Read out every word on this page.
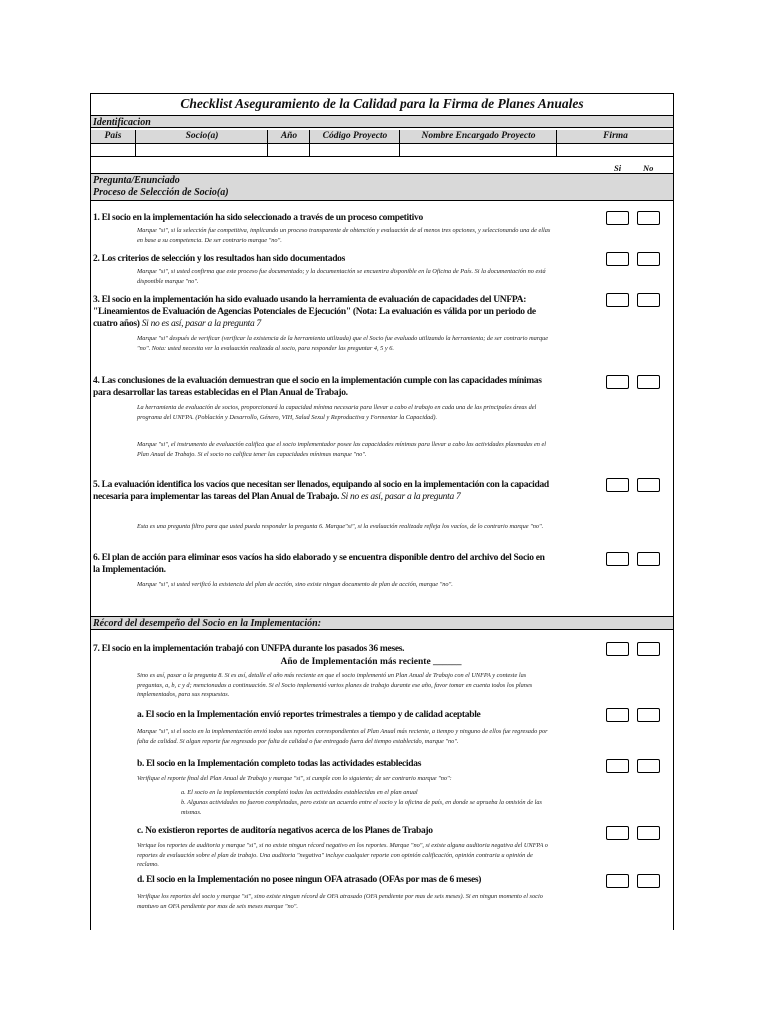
Checklist Aseguramiento de la Calidad para la Firma de Planes Anuales
Identificacion
Pais	Socio(a)	Año	Código Proyecto	Nombre Encargado Proyecto	Firma
Si	No
Pregunta/Enunciado
Proceso de Selección de Socio(a)
1. El socio en la implementación ha sido seleccionado a través de un proceso competitivo
Marque "si", si la selección fue competitiva, implicando un proceso transparente de obtención y evaluación de al menos tres opciones, y seleccionando una de ellas en base a su competencia. De ser contrario marque "no".
2. Los criterios de selección y los resultados han sido documentados
Marque "si", si usted confirma que este proceso fue documentado; y la documentación se encuentra disponible en la Oficina de País. Si la documentación no está disponible marque "no".
3. El socio en la implementación ha sido evaluado usando la herramienta de evaluación de capacidades del UNFPA: "Lineamientos de Evaluación de Agencias Potenciales de Ejecución" (Nota: La evaluación es válida por un periodo de cuatro años) Si no es así, pasar a la pregunta 7
Marque "si" después de verificar (verificar la existencia de la herramienta utilizada) que el Socio fue evaluado utilizando la herramienta; de ser contrario marque "no". Nota: usted necesita ver la evaluación realizada al socio, para responder las preguntar 4, 5 y 6.
4. Las conclusiones de la evaluación demuestran que el socio en la implementación cumple con las capacidades mínimas para desarrollar las tareas establecidas en el Plan Anual de Trabajo.
La herramienta de evaluación de socios, proporcionará la capacidad mínima necesaria para llevar a cabo el trabajo en cada una de las principales áreas del programa del UNFPA. (Población y Desarrollo, Género, VIH, Salud Sexul y Reproductiva y Formentar la Capacidad).
Marque "si", el instrumento de evaluación califica que el socio implementador posee las capacidades mínimas para llevar a cabo las actividades plasmadas en el Plan Anual de Trabajo. Si el socio no califica tener las capacidades mínimas marque "no".
5. La evaluación identifica los vacíos que necesitan ser llenados, equipando al socio en la implementación con la capacidad necesaria para implementar las tareas del Plan Anual de Trabajo. Si no es así, pasar a la pregunta 7
Esta es una pregunta filtro para que usted pueda responder la pregunta 6. Marque"si", si la evaluación realizada refleja los vacíos, de lo contrario marque "no".
6. El plan de acción para eliminar esos vacíos ha sido elaborado y se encuentra disponible dentro del archivo del Socio en la Implementación.
Marque "si", si usted verificó la existencia del plan de acción, sino existe ningun documento de plan de acción, marque "no".
Récord del desempeño del Socio en la Implementación:
7. El socio en la implementación trabajó con UNFPA durante los pasados 36 meses.
Año de Implementación más reciente ______
Sino es así, pasar a la pregunta 8. Si es así, detalle el año más reciente en que el socio implementó un Plan Anual de Trabajo con el UNFPA y conteste las preguntas, a, b, c y d; mencionadas a continuación. Si el Socio implementó varios planes de trabajo durante ese año, favor tomar en cuenta todos los planes implementados, para sus respuestas.
a. El socio en la Implementación envió reportes trimestrales a tiempo y de calidad aceptable
Marque "si", si el socio en la implementación envió todos sus reportes correspondientes al Plan Anual más reciente, a tiempo y ninguno de ellos fue regresado por falta de calidad. Si algun reporte fue regresado por falta de calidad o fue entregado fuera del tiempo establecido, marque "no".
b. El socio en la Implementación completo todas las actividades establecidas
Verifique el reporte final del Plan Anual de Trabajo y marque "si", si cumple con lo siguiente; de ser contrario marque "no":
a. El socio en la implementación completó todas las actividades establecidas en el plan anual
b. Algunas actividades no fueron completadas, pero existe un acuerdo entre el socio y la oficina de país, en donde se aprueba la omisión de las mismas.
c. No existieron reportes de auditoría negativos acerca de los Planes de Trabajo
Verique los reportes de auditoria y marque "si", si no existe ningun récord negativo en los reportes. Marque "no", si existe alguna auditoria negativa del UNFPA o reportes de evaluación sobre el plan de trabajo. Una auditoria "negativa" incluye cualquier reporte con opinión calificación, opinión contraria u opinión de reclamo.
d. El socio en la Implementación no posee ningun OFA atrasado (OFAs por mas de 6 meses)
Verifique los reportes del socio y marque "si", sino existe ningun récord de OFA atrasado (OFA pendiente por mas de seis meses). Si en ningun momento el socio mantuvo un OFA pendiente por mas de seis meses marque "no".
